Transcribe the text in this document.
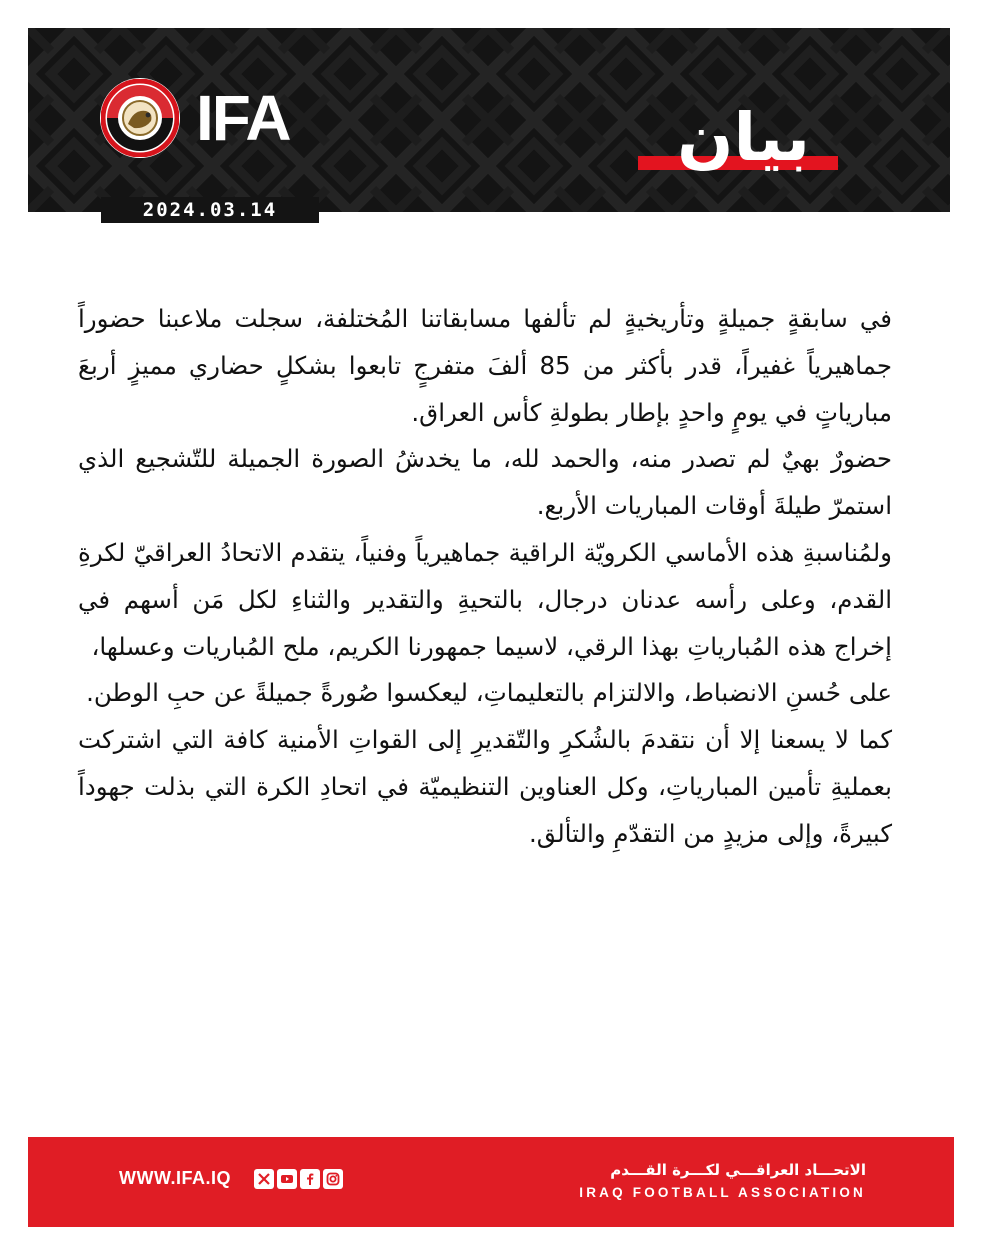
IFA	بيان
2024.03.14

في سابقةٍ جميلةٍ وتأريخيةٍ لم تألفها مسابقاتنا المُختلفة، سجلت ملاعبنا حضوراً جماهيرياً غفيراً، قدر بأكثر من 85 ألفَ متفرجٍ تابعوا بشكلٍ حضاري مميزٍ أربعَ مبارياتٍ في يومٍ واحدٍ بإطار بطولةِ كأس العراق.

حضورٌ بهيٌ لم تصدر منه، والحمد لله، ما يخدشُ الصورة الجميلة للتّشجيع الذي استمرّ طيلةَ أوقات المباريات الأربع.

ولمُناسبةِ هذه الأماسي الكرويّة الراقية جماهيرياً وفنياً، يتقدم الاتحادُ العراقيّ لكرةِ القدم، وعلى رأسه عدنان درجال، بالتحيةِ والتقدير والثناءِ لكل مَن أسهم في إخراج هذه المُبارياتِ بهذا الرقي، لاسيما جمهورنا الكريم، ملح المُباريات وعسلها،

على حُسنِ الانضباط، والالتزام بالتعليماتِ، ليعكسوا صُورةً جميلةً عن حبِ الوطن.

كما لا يسعنا إلا أن نتقدمَ بالشُكرِ والتّقديرِ إلى القواتِ الأمنية كافة التي اشتركت بعمليةِ تأمين المبارياتِ، وكل العناوين التنظيميّة في اتحادِ الكرة التي بذلت جهوداً كبيرةً، وإلى مزيدٍ من التقدّمِ والتألق.

WWW.IFA.IQ	الاتحـــاد العراقـــي لكـــرة القـــدم
IRAQ FOOTBALL ASSOCIATION
